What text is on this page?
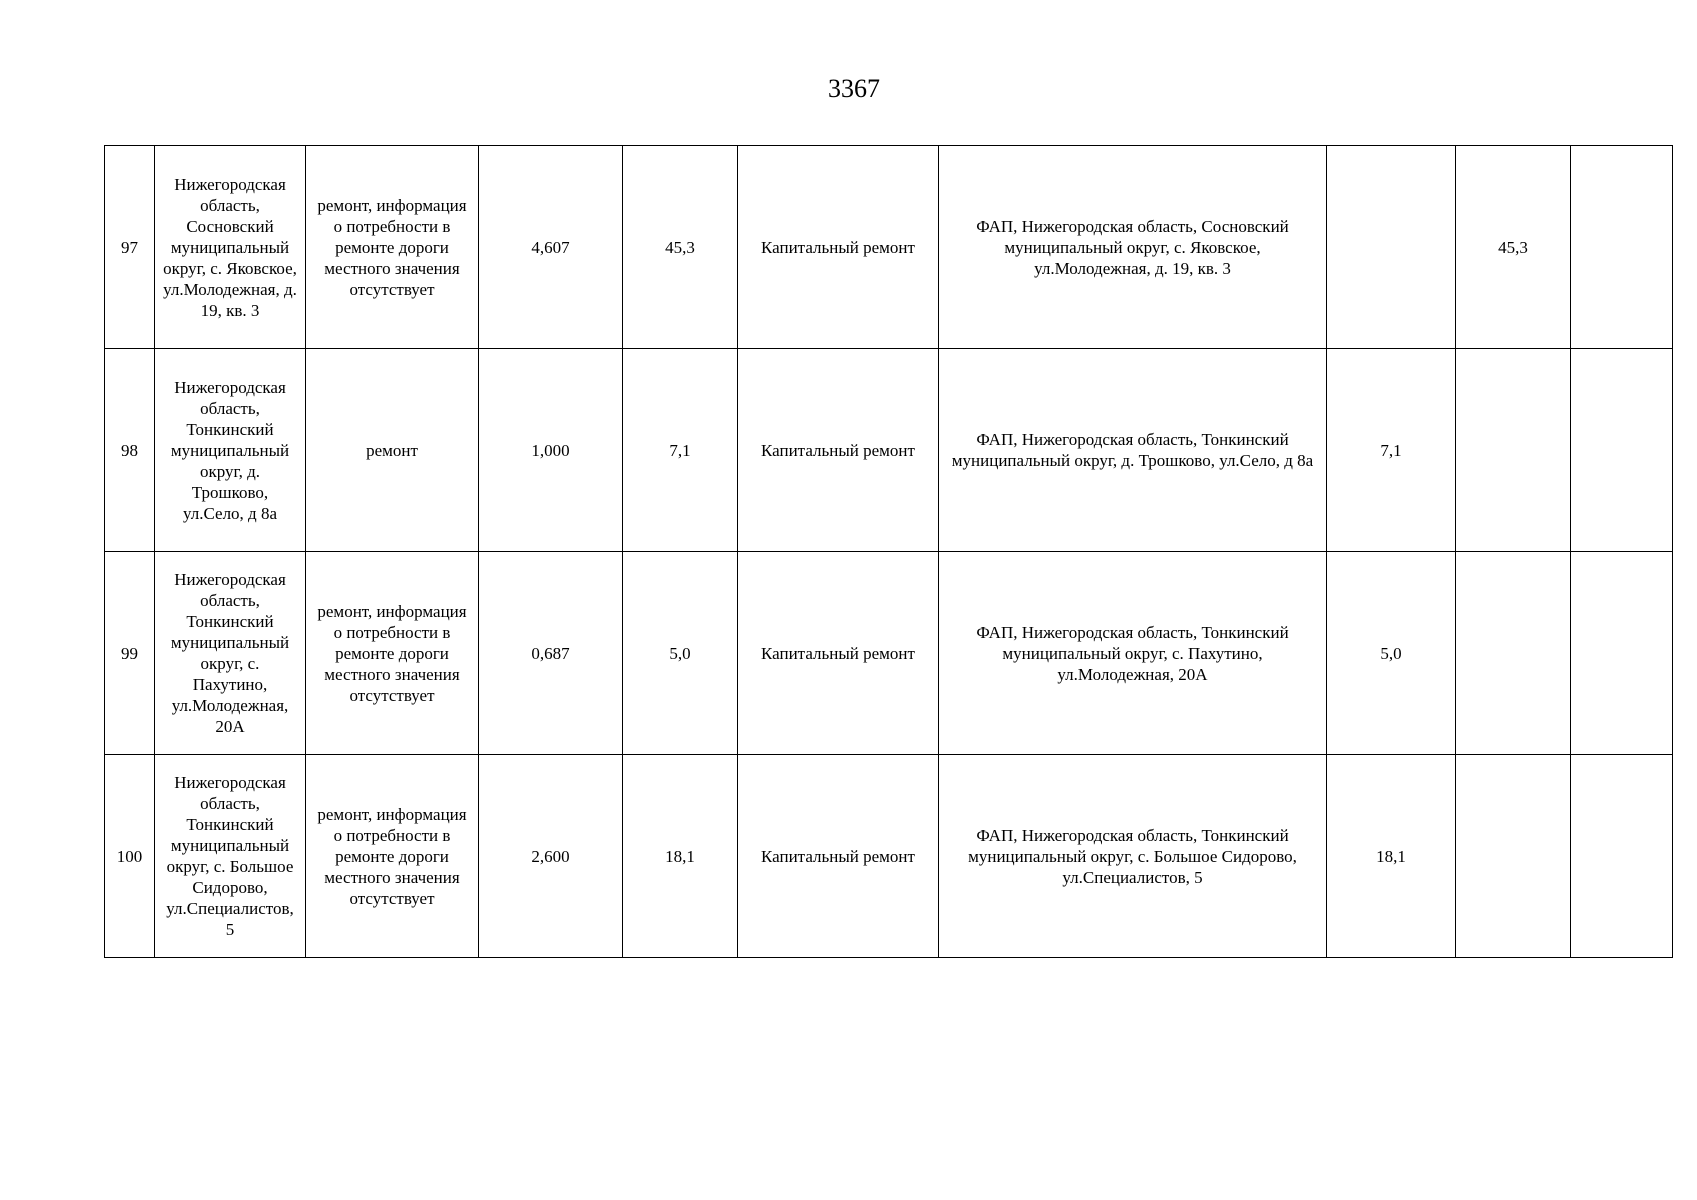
3367
97	Нижегородская область, Сосновский муниципальный округ, с. Яковское, ул.Молодежная, д. 19, кв. 3	ремонт, информация о потребности в ремонте дороги местного значения отсутствует	4,607	45,3	Капитальный ремонт	ФАП, Нижегородская область, Сосновский муниципальный округ, с. Яковское, ул.Молодежная, д. 19, кв. 3		45,3	
98	Нижегородская область, Тонкинский муниципальный округ, д. Трошково, ул.Село, д 8а	ремонт	1,000	7,1	Капитальный ремонт	ФАП, Нижегородская область, Тонкинский муниципальный округ, д. Трошково, ул.Село, д 8а	7,1		
99	Нижегородская область, Тонкинский муниципальный округ, с. Пахутино, ул.Молодежная, 20А	ремонт, информация о потребности в ремонте дороги местного значения отсутствует	0,687	5,0	Капитальный ремонт	ФАП, Нижегородская область, Тонкинский муниципальный округ, с. Пахутино, ул.Молодежная, 20А	5,0		
100	Нижегородская область, Тонкинский муниципальный округ, с. Большое Сидорово, ул.Специалистов, 5	ремонт, информация о потребности в ремонте дороги местного значения отсутствует	2,600	18,1	Капитальный ремонт	ФАП, Нижегородская область, Тонкинский муниципальный округ, с. Большое Сидорово, ул.Специалистов, 5	18,1		
